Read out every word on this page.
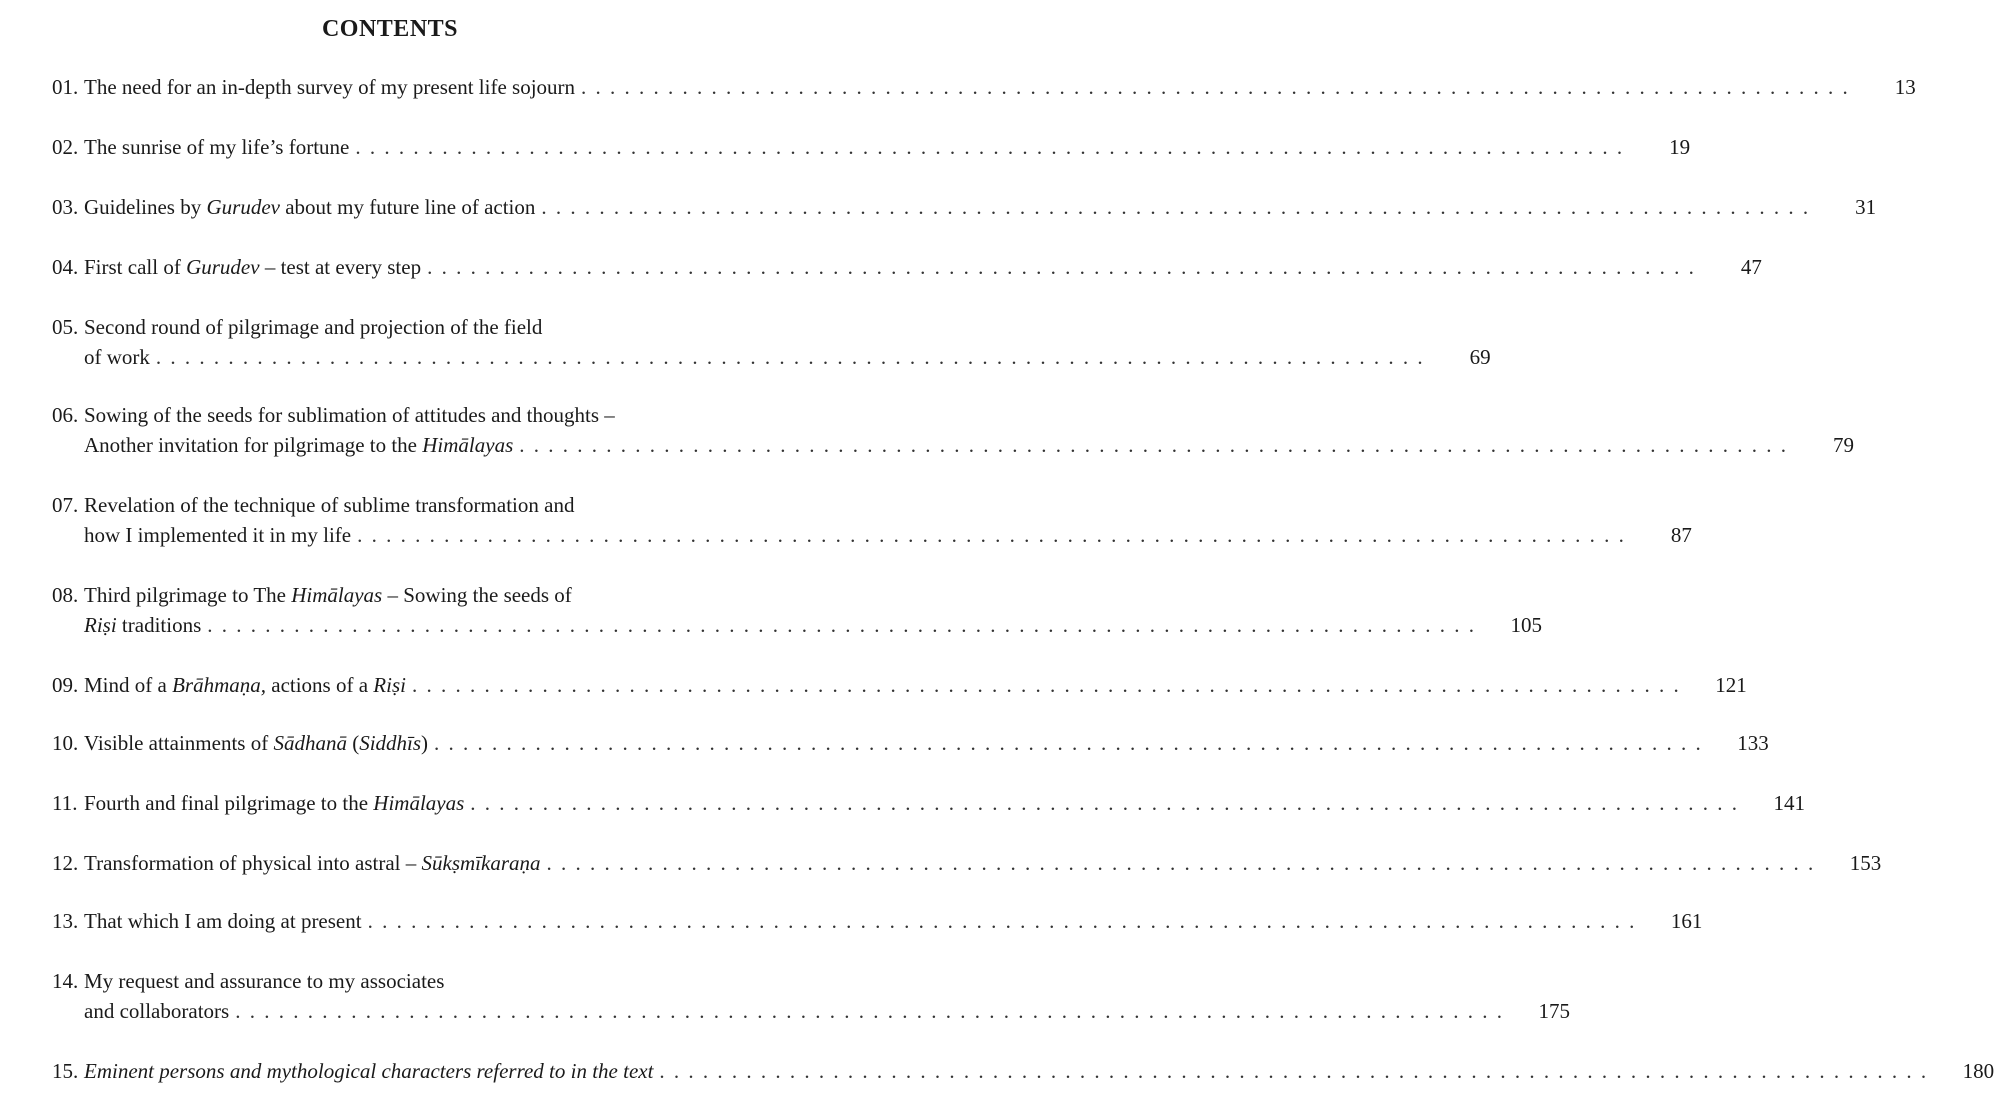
CONTENTS
01. The need for an in-depth survey of my present life sojourn . . .	13
02. The sunrise of my life’s fortune . . .	19
03. Guidelines by Gurudev about my future line of action . . .	31
04. First call of Gurudev – test at every step . . .	47
05. Second round of pilgrimage and projection of the field
of work . . .	69
06. Sowing of the seeds for sublimation of attitudes and thoughts –
Another invitation for pilgrimage to the Himālayas . . .	79
07. Revelation of the technique of sublime transformation and
how I implemented it in my life . . .	87
08. Third pilgrimage to The Himālayas – Sowing the seeds of
Riṣi traditions . . .	105
09. Mind of a Brāhmaṇa, actions of a Riṣi . . .	121
10. Visible attainments of Sādhanā (Siddhīs) . . .	133
11. Fourth and final pilgrimage to the Himālayas . . .	141
12. Transformation of physical into astral – Sūkṣmīkaraṇa . . .	153
13. That which I am doing at present . . .	161
14. My request and assurance to my associates
and collaborators . . .	175
15. Eminent persons and mythological characters referred to in the text . . .	180
